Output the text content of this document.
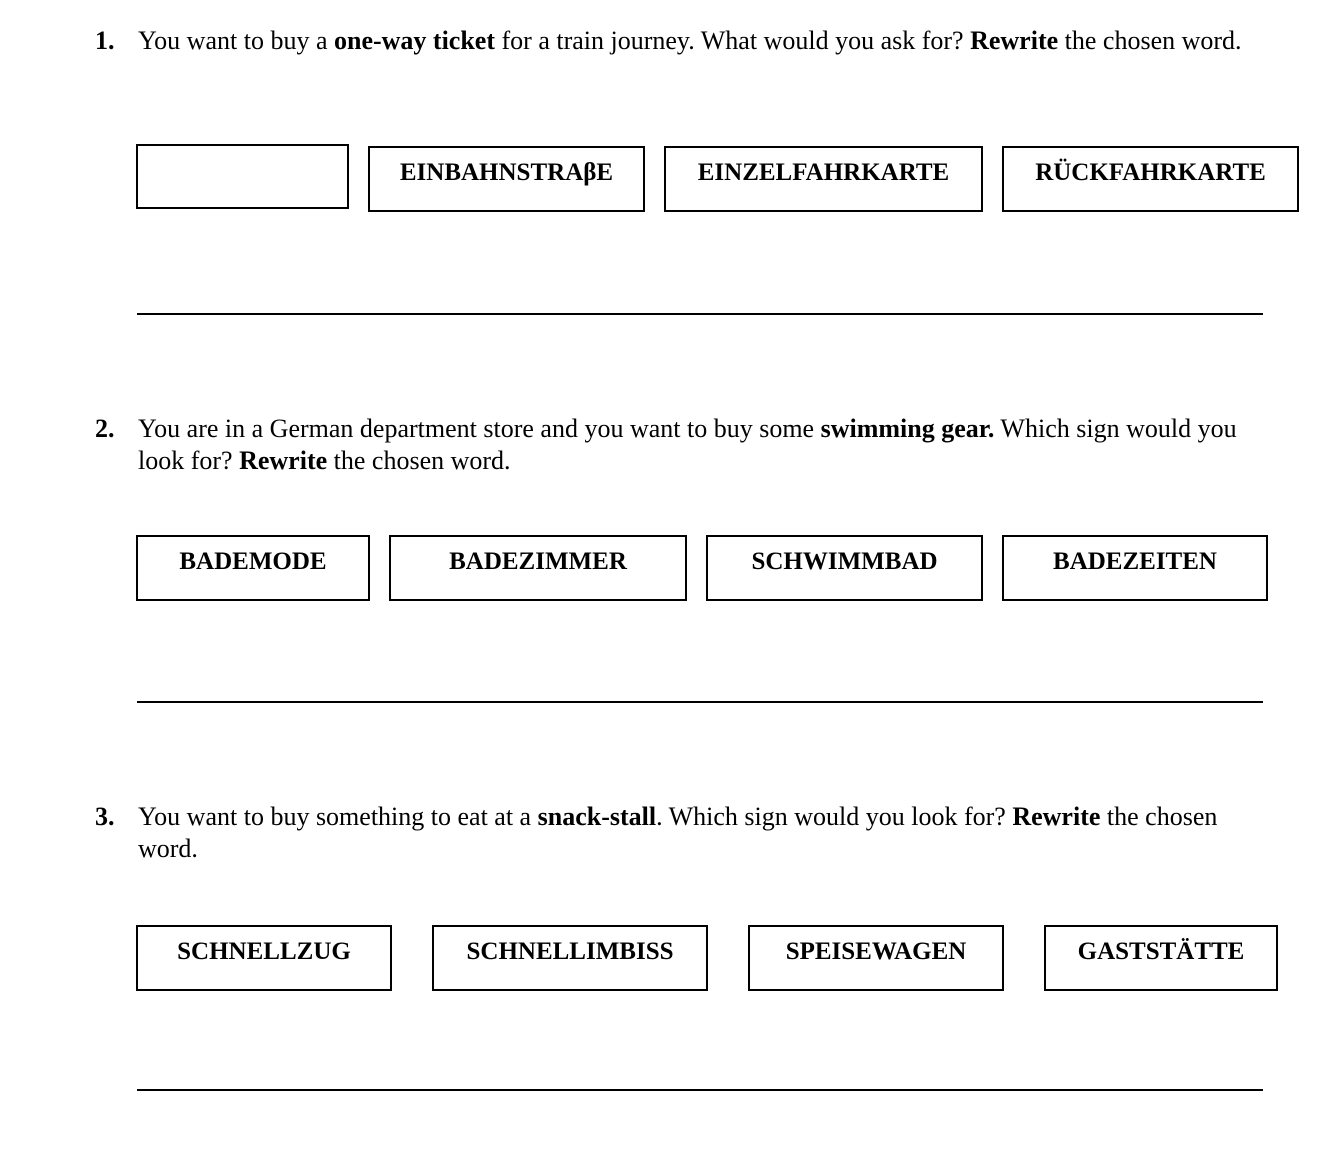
1. You want to buy a one-way ticket for a train journey. What would you ask for? Rewrite the chosen word.
EINBAHNSTRAβE	EINZELFAHRKARTE	RÜCKFAHRKARTE
2. You are in a German department store and you want to buy some swimming gear. Which sign would you look for? Rewrite the chosen word.
BADEMODE	BADEZIMMER	SCHWIMMBAD	BADEZEITEN
3. You want to buy something to eat at a snack-stall. Which sign would you look for? Rewrite the chosen word.
SCHNELLZUG	SCHNELLIMBISS	SPEISEWAGEN	GASTSTÄTTE
